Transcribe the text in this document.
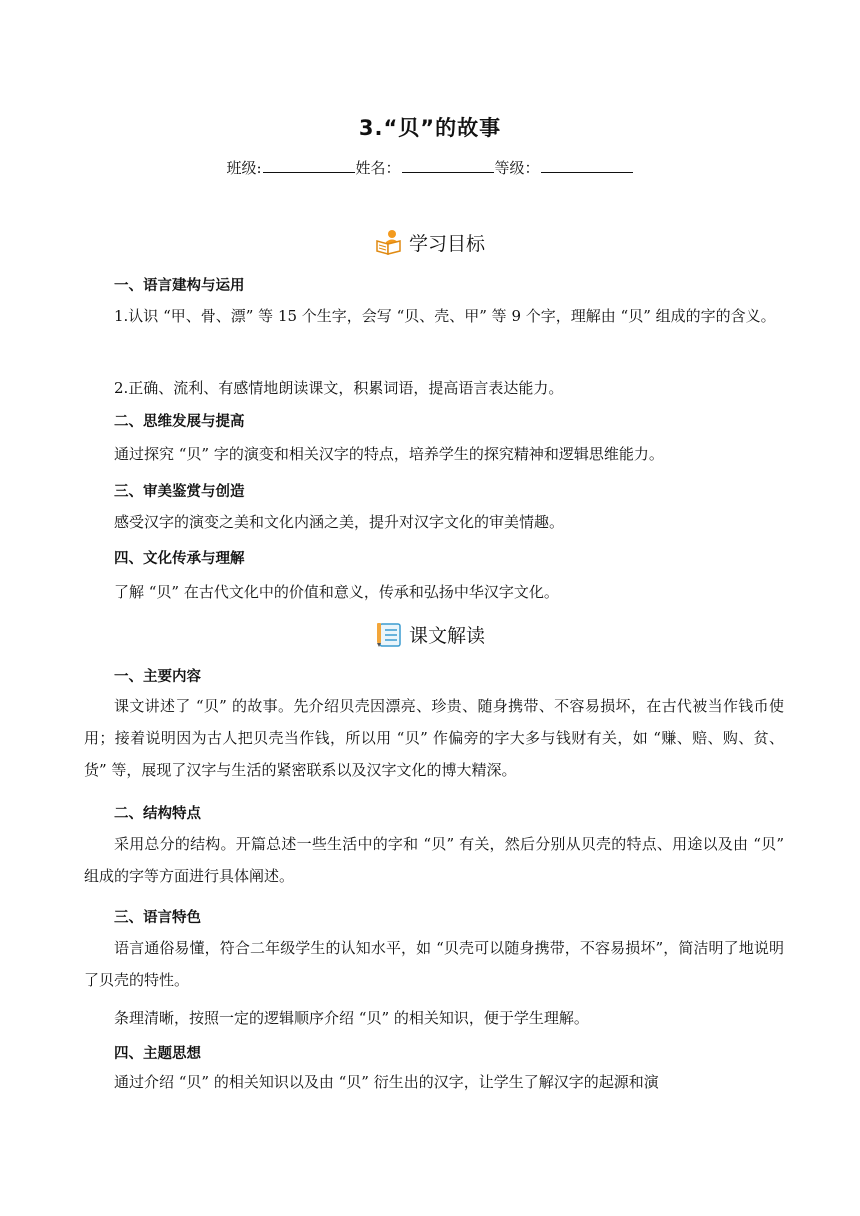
3.“贝”的故事
班级:	姓名：	等级：
学习目标
一、语言建构与运用
1.认识 “甲、骨、漂” 等 15 个生字，会写 “贝、壳、甲” 等 9 个字，理解由 “贝” 组成的字的含义。
2.正确、流利、有感情地朗读课文，积累词语，提高语言表达能力。
二、思维发展与提高
通过探究 “贝” 字的演变和相关汉字的特点，培养学生的探究精神和逻辑思维能力。
三、审美鉴赏与创造
感受汉字的演变之美和文化内涵之美，提升对汉字文化的审美情趣。
四、文化传承与理解
了解 “贝” 在古代文化中的价值和意义，传承和弘扬中华汉字文化。
课文解读
一、主要内容
课文讲述了 “贝” 的故事。先介绍贝壳因漂亮、珍贵、随身携带、不容易损坏，在古代被当作钱币使用；接着说明因为古人把贝壳当作钱，所以用 “贝” 作偏旁的字大多与钱财有关，如 “赚、赔、购、贫、货” 等，展现了汉字与生活的紧密联系以及汉字文化的博大精深。
二、结构特点
采用总分的结构。开篇总述一些生活中的字和 “贝” 有关，然后分别从贝壳的特点、用途以及由 “贝” 组成的字等方面进行具体阐述。
三、语言特色
语言通俗易懂，符合二年级学生的认知水平，如 “贝壳可以随身携带，不容易损坏”，简洁明了地说明了贝壳的特性。
条理清晰，按照一定的逻辑顺序介绍 “贝” 的相关知识，便于学生理解。
四、主题思想
通过介绍 “贝” 的相关知识以及由 “贝” 衍生出的汉字，让学生了解汉字的起源和演
